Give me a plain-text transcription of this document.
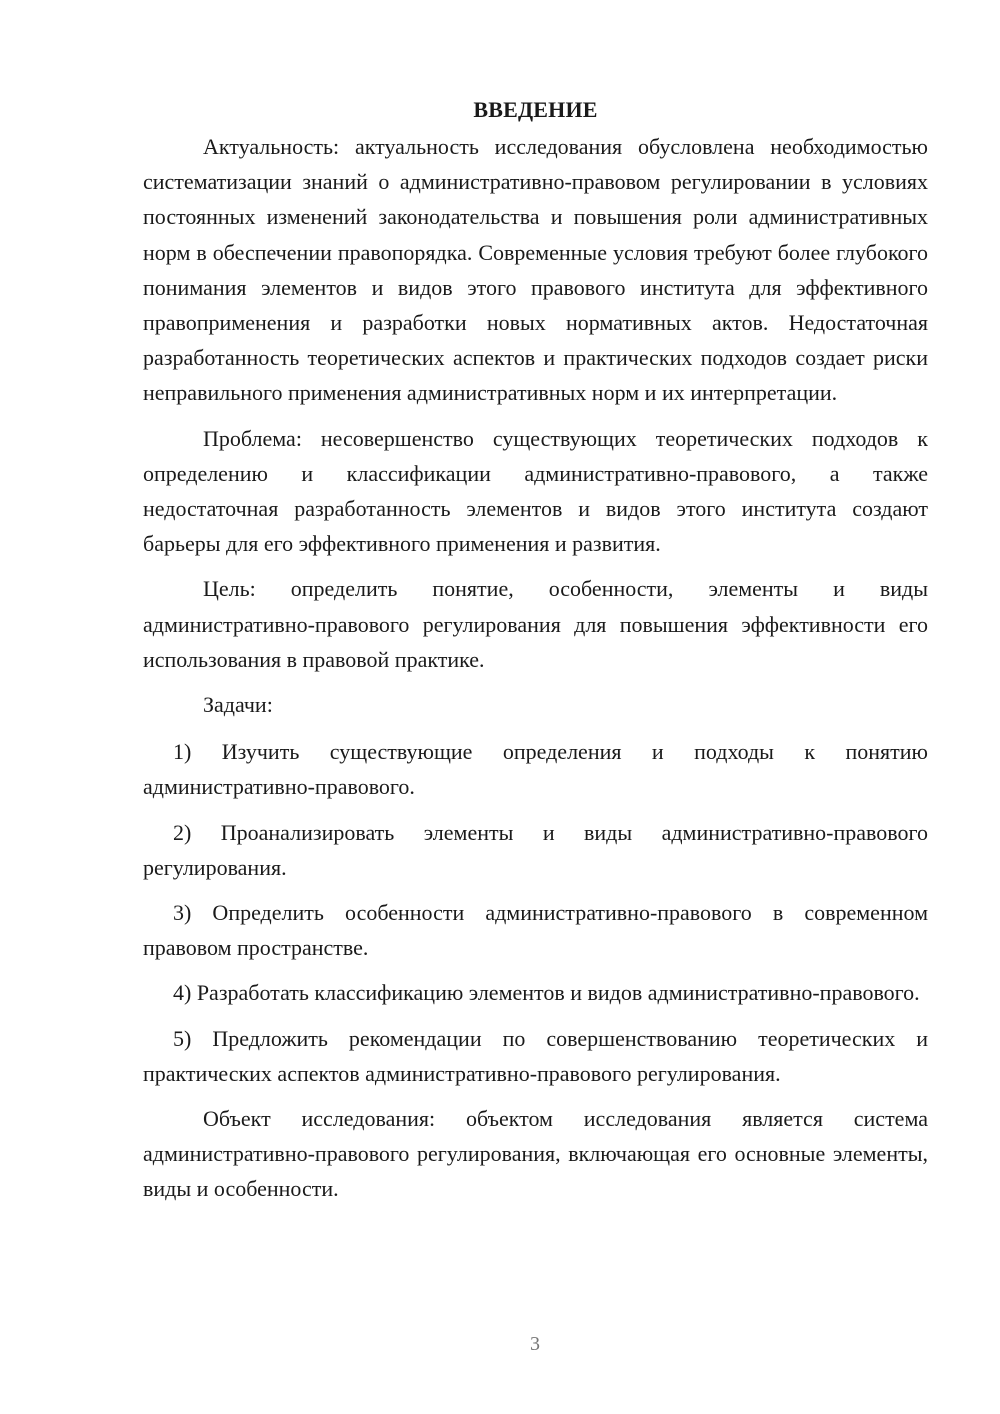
ВВЕДЕНИЕ

Актуальность: актуальность исследования обусловлена необходимостью систематизации знаний о административно-правовом регулировании в условиях постоянных изменений законодательства и повышения роли административных норм в обеспечении правопорядка. Современные условия требуют более глубокого понимания элементов и видов этого правового института для эффективного правоприменения и разработки новых нормативных актов. Недостаточная разработанность теоретических аспектов и практических подходов создает риски неправильного применения административных норм и их интерпретации.

Проблема: несовершенство существующих теоретических подходов к определению и классификации административно-правового, а также недостаточная разработанность элементов и видов этого института создают барьеры для его эффективного применения и развития.

Цель: определить понятие, особенности, элементы и виды административно-правового регулирования для повышения эффективности его использования в правовой практике.

Задачи:

1) Изучить существующие определения и подходы к понятию административно-правового.

2) Проанализировать элементы и виды административно-правового регулирования.

3) Определить особенности административно-правового в современном правовом пространстве.

4) Разработать классификацию элементов и видов административно-правового.

5) Предложить рекомендации по совершенствованию теоретических и практических аспектов административно-правового регулирования.

Объект исследования: объектом исследования является система административно-правового регулирования, включающая его основные элементы, виды и особенности.

3
